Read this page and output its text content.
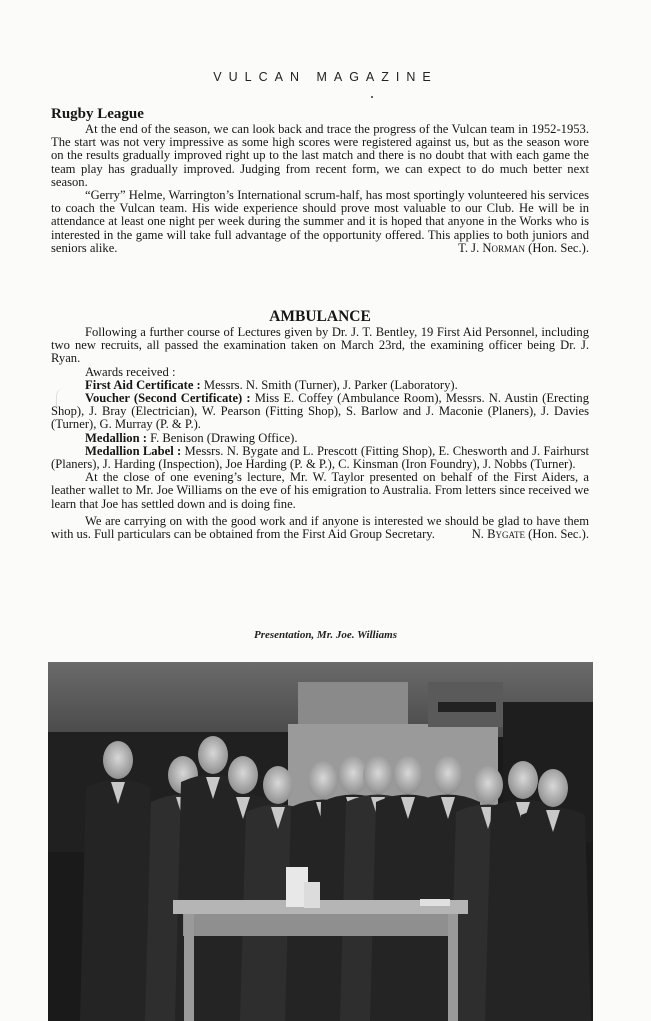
VULCAN MAGAZINE
Rugby League

At the end of the season, we can look back and trace the progress of the Vulcan team in 1952-1953. The start was not very impressive as some high scores were registered against us, but as the season wore on the results gradually improved right up to the last match and there is no doubt that with each game the team play has gradually improved. Judging from recent form, we can expect to do much better next season.

“Gerry” Helme, Warrington’s International scrum-half, has most sportingly volunteered his services to coach the Vulcan team. His wide experience should prove most valuable to our Club. He will be in attendance at least one night per week during the summer and it is hoped that anyone in the Works who is interested in the game will take full advantage of the opportunity offered. This applies to both juniors and seniors alike.	T. J. Norman (Hon. Sec.).
AMBULANCE

Following a further course of Lectures given by Dr. J. T. Bentley, 19 First Aid Personnel, including two new recruits, all passed the examination taken on March 23rd, the examining officer being Dr. J. Ryan.

Awards received :

First Aid Certificate : Messrs. N. Smith (Turner), J. Parker (Laboratory).

Voucher (Second Certificate) : Miss E. Coffey (Ambulance Room), Messrs. N. Austin (Erecting Shop), J. Bray (Electrician), W. Pearson (Fitting Shop), S. Barlow and J. Maconie (Planers), J. Davies (Turner), G. Murray (P. & P.).

Medallion : F. Benison (Drawing Office).

Medallion Label : Messrs. N. Bygate and L. Prescott (Fitting Shop), E. Chesworth and J. Fairhurst (Planers), J. Harding (Inspection), Joe Harding (P. & P.), C. Kinsman (Iron Foundry), J. Nobbs (Turner).

At the close of one evening’s lecture, Mr. W. Taylor presented on behalf of the First Aiders, a leather wallet to Mr. Joe Williams on the eve of his emigration to Australia. From letters since received we learn that Joe has settled down and is doing fine.

We are carrying on with the good work and if anyone is interested we should be glad to have them with us. Full particulars can be obtained from the First Aid Group Secretary.	N. Bygate (Hon. Sec.).
Presentation, Mr. Joe. Williams
